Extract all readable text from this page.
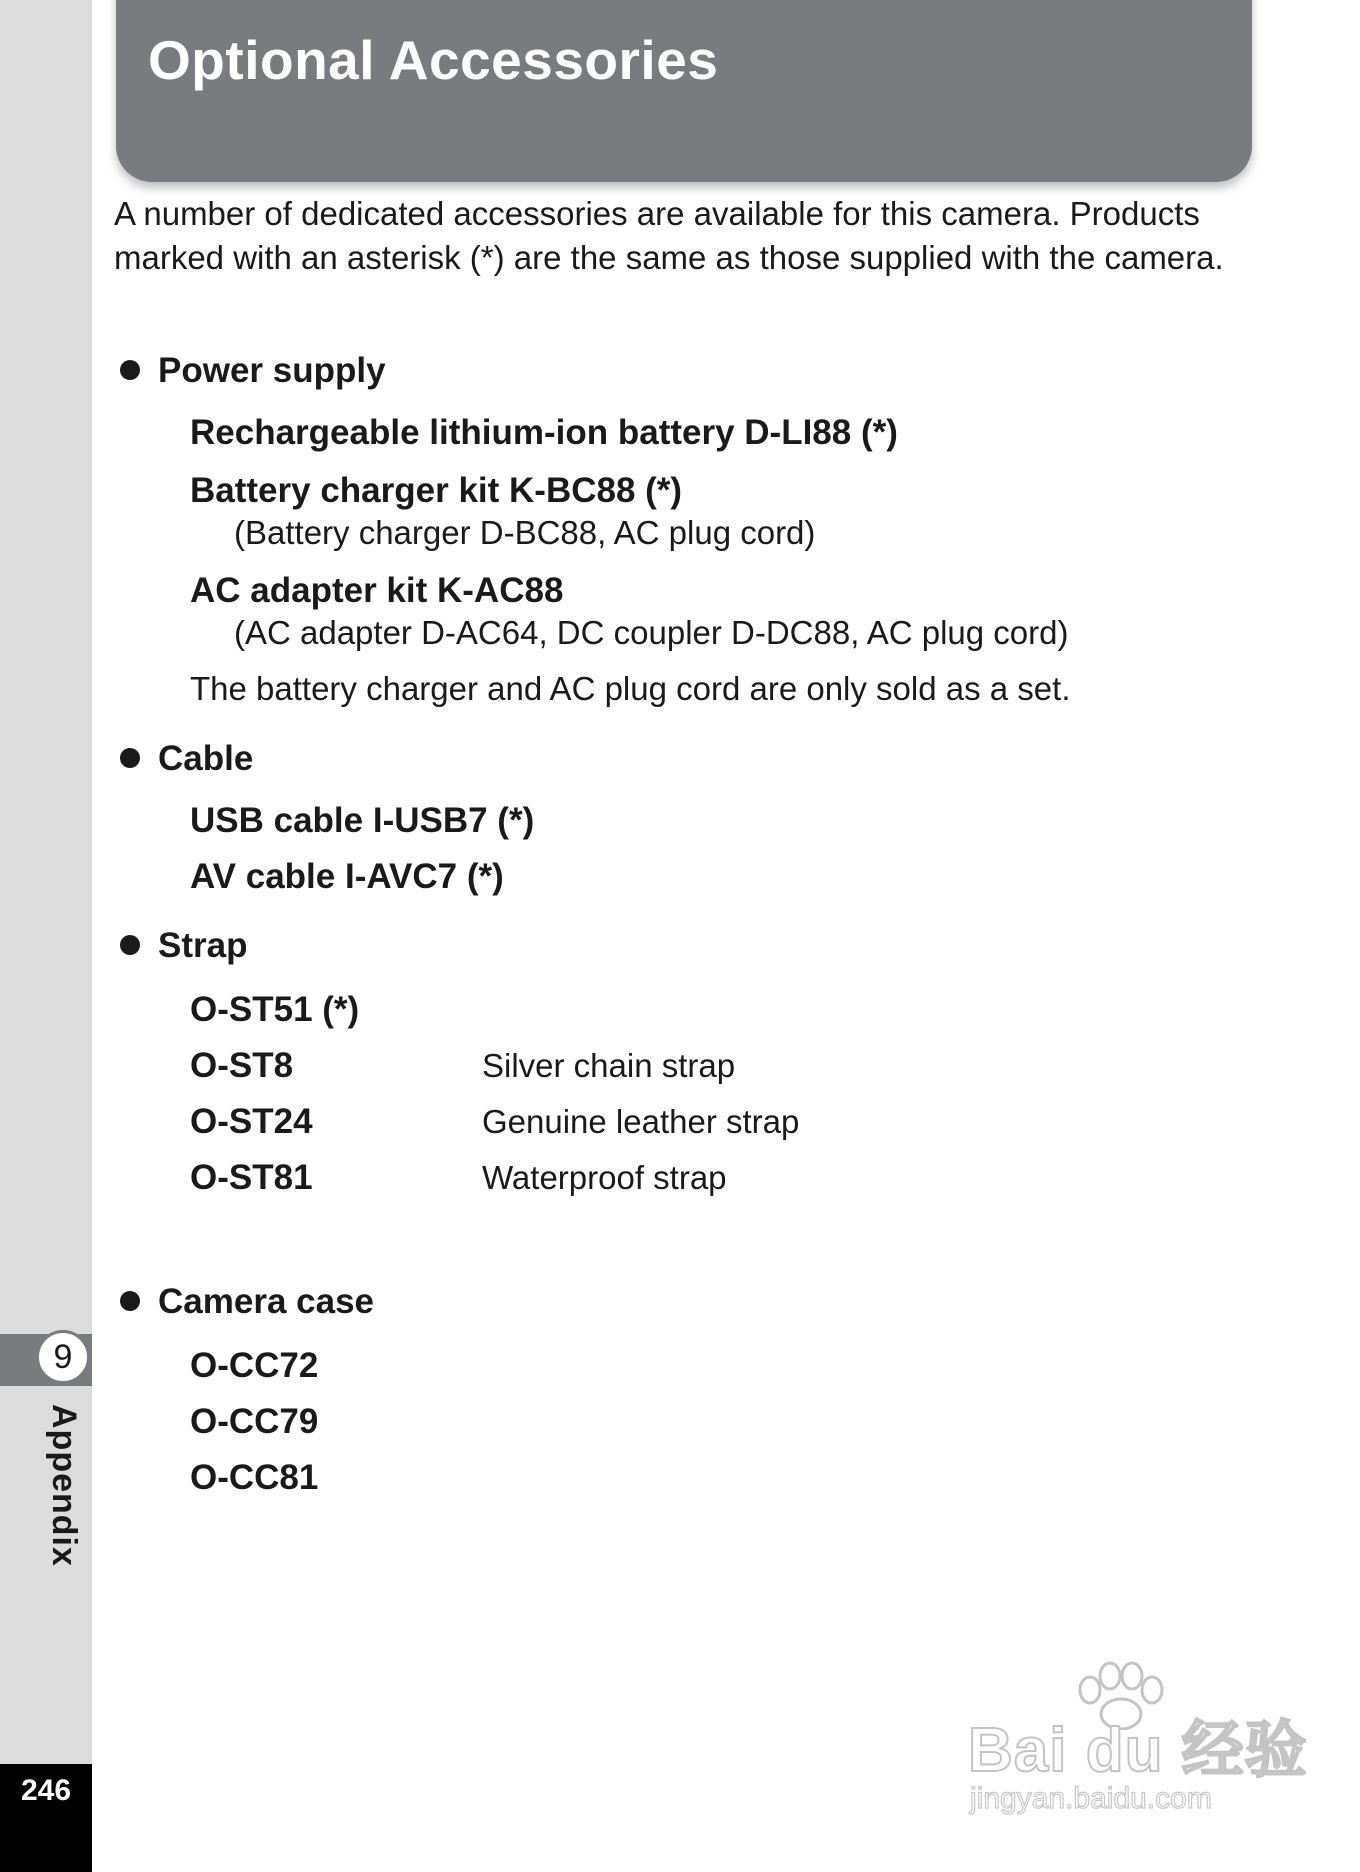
9
Appendix
246
Optional Accessories

A number of dedicated accessories are available for this camera. Products marked with an asterisk (*) are the same as those supplied with the camera.

Power supply
Rechargeable lithium-ion battery D-LI88 (*)
Battery charger kit K-BC88 (*)
(Battery charger D-BC88, AC plug cord)
AC adapter kit K-AC88
(AC adapter D-AC64, DC coupler D-DC88, AC plug cord)
The battery charger and AC plug cord are only sold as a set.
Cable
USB cable I-USB7 (*)
AV cable I-AVC7 (*)
Strap
O-ST51 (*)
O-ST8	Silver chain strap
O-ST24	Genuine leather strap
O-ST81	Waterproof strap
Camera case
O-CC72
O-CC79
O-CC81
Bai du 经验
jingyan.baidu.com
